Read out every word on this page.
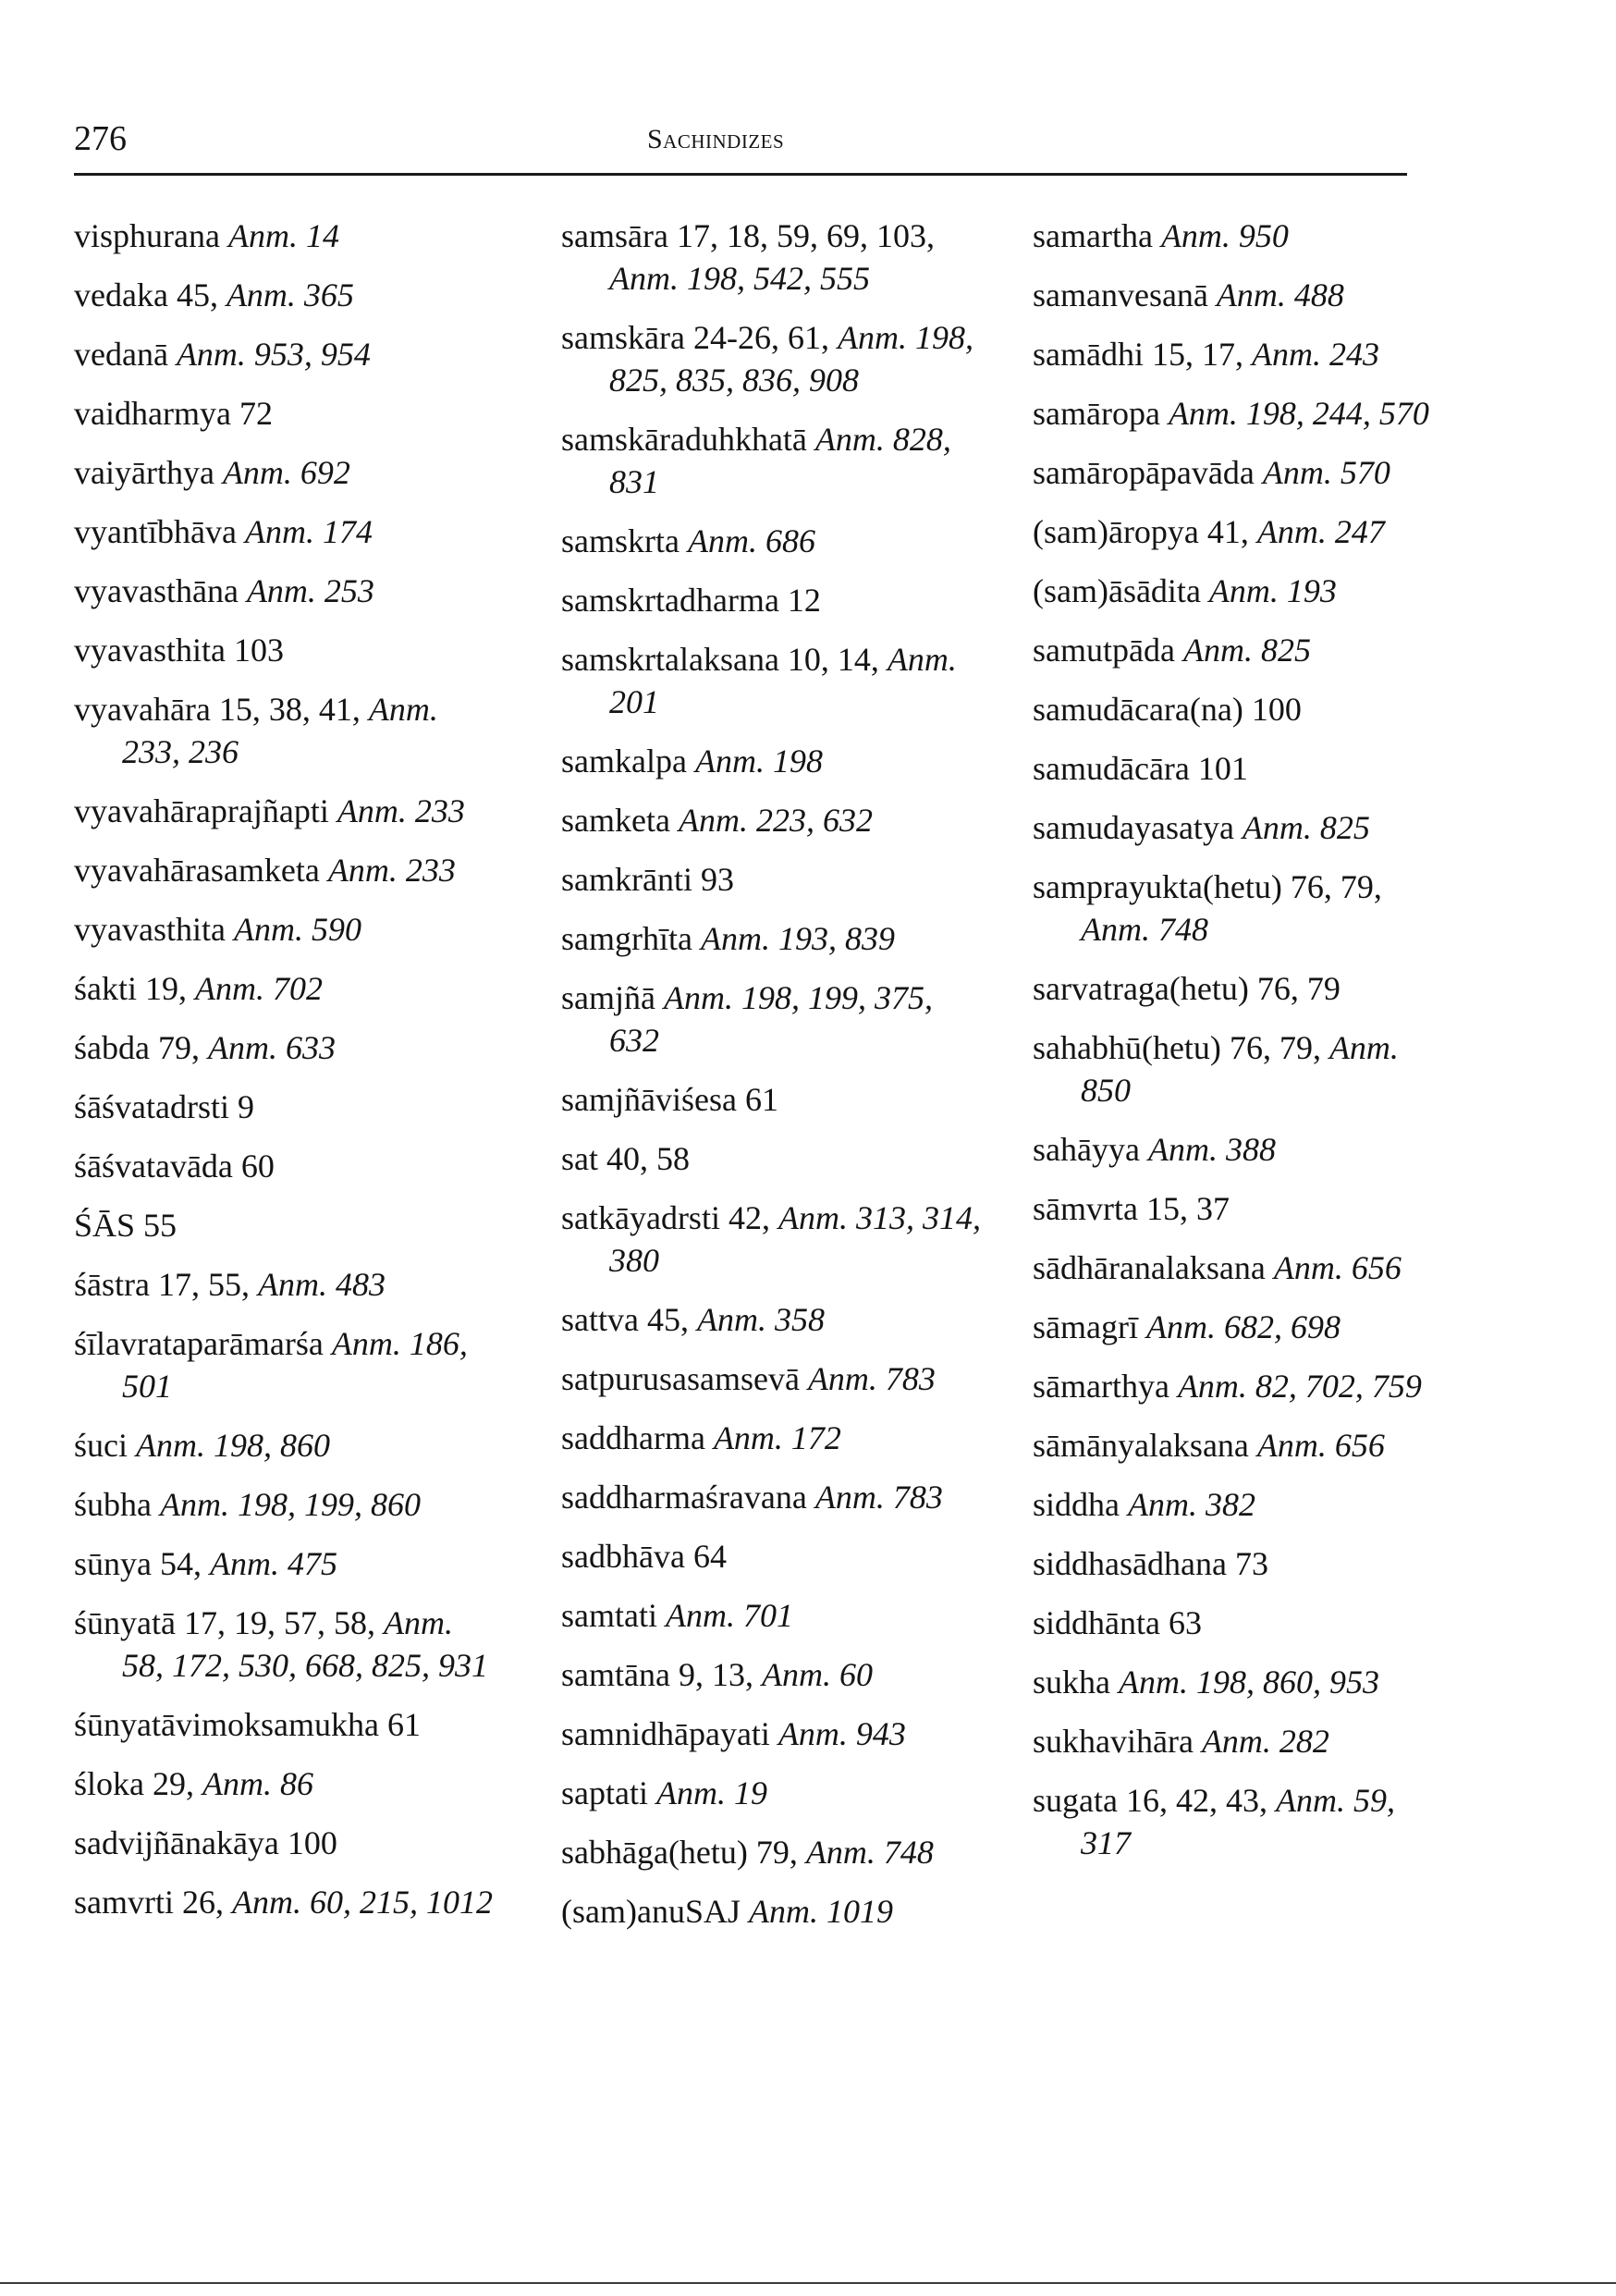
276	Sachindizes
visphurana Anm. 14
vedaka 45, Anm. 365
vedanā Anm. 953, 954
vaidharmya 72
vaiyārthya Anm. 692
vyantībhāva Anm. 174
vyavasthāna Anm. 253
vyavasthita 103
vyavahāra 15, 38, 41, Anm. 233, 236
vyavahāraprajñapti Anm. 233
vyavahārasamketa Anm. 233
vyavasthita Anm. 590
śakti 19, Anm. 702
śabda 79, Anm. 633
śāśvatadrsti 9
śāśvatavāda 60
ŚĀS 55
śāstra 17, 55, Anm. 483
śīlavrataparāmarśa Anm. 186, 501
śuci Anm. 198, 860
śubha Anm. 198, 199, 860
sūnya 54, Anm. 475
śūnyatā 17, 19, 57, 58, Anm. 58, 172, 530, 668, 825, 931
śūnyatāvimoksamukha 61
śloka 29, Anm. 86
sadvijñānakāya 100
samvrti 26, Anm. 60, 215, 1012
samsāra 17, 18, 59, 69, 103, Anm. 198, 542, 555
samskāra 24-26, 61, Anm. 198, 825, 835, 836, 908
samskāraduhkhatā Anm. 828, 831
samskrta Anm. 686
samskrtadharma 12
samskrtalaksana 10, 14, Anm. 201
samkalpa Anm. 198
samketa Anm. 223, 632
samkrānti 93
samgrhīta Anm. 193, 839
samjñā Anm. 198, 199, 375, 632
samjñāviśesa 61
sat 40, 58
satkāyadrsti 42, Anm. 313, 314, 380
sattva 45, Anm. 358
satpurusasamsevā Anm. 783
saddharma Anm. 172
saddharmaśravana Anm. 783
sadbhāva 64
samtati Anm. 701
samtāna 9, 13, Anm. 60
samnidhāpayati Anm. 943
saptati Anm. 19
sabhāga(hetu) 79, Anm. 748
(sam)anuSAJ Anm. 1019
samartha Anm. 950
samanvesanā Anm. 488
samādhi 15, 17, Anm. 243
samāropa Anm. 198, 244, 570
samāropāpavāda Anm. 570
(sam)āropya 41, Anm. 247
(sam)āsādita Anm. 193
samutpāda Anm. 825
samudācara(na) 100
samudācāra 101
samudayasatya Anm. 825
samprayukta(hetu) 76, 79, Anm. 748
sarvatraga(hetu) 76, 79
sahabhū(hetu) 76, 79, Anm. 850
sahāyya Anm. 388
sāmvrta 15, 37
sādhāranalaksana Anm. 656
sāmagrī Anm. 682, 698
sāmarthya Anm. 82, 702, 759
sāmānyalaksana Anm. 656
siddha Anm. 382
siddhasādhana 73
siddhānta 63
sukha Anm. 198, 860, 953
sukhavihāra Anm. 282
sugata 16, 42, 43, Anm. 59, 317
